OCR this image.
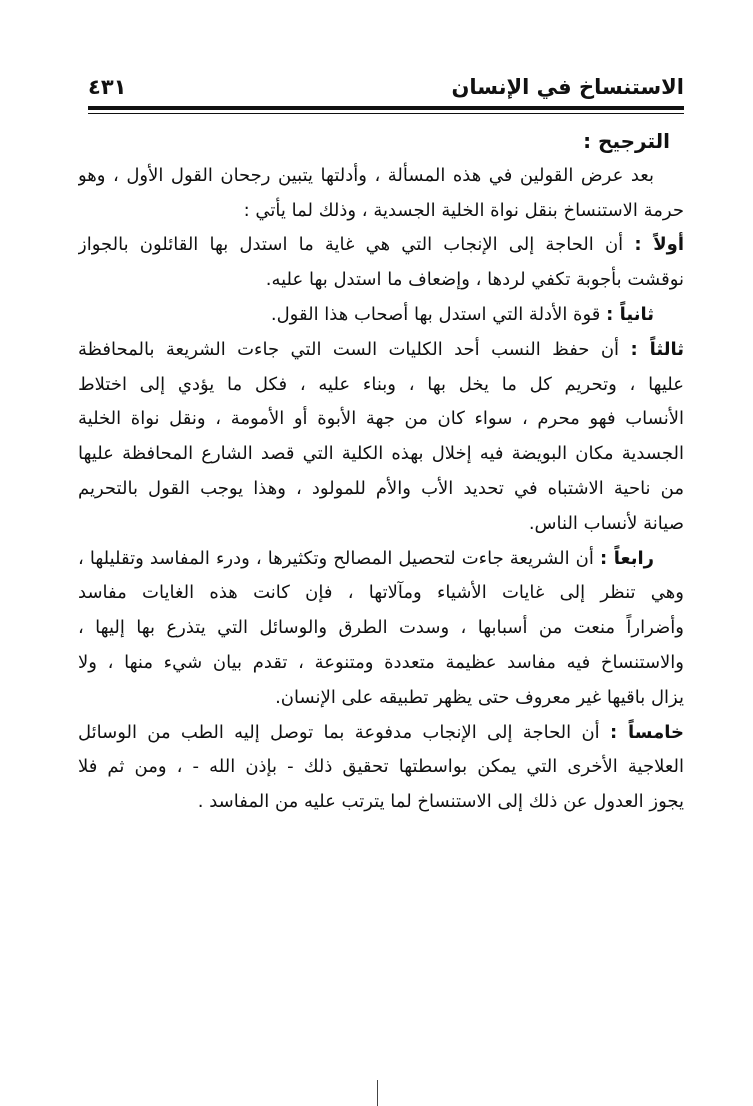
الاستنساخ في الإنسان
٤٣١
الترجيح :
بعد عرض القولين في هذه المسألة ، وأدلتها يتبين رجحان القول الأول ، وهو
حرمة الاستنساخ بنقل نواة الخلية الجسدية ، وذلك لما يأتي :
أولاً : أن الحاجة إلى الإنجاب التي هي غاية ما استدل بها القائلون بالجواز
نوقشت بأجوبة تكفي لردها ، وإضعاف ما استدل بها عليه.
ثانياً : قوة الأدلة التي استدل بها أصحاب هذا القول.
ثالثاً : أن حفظ النسب أحد الكليات الست التي جاءت الشريعة بالمحافظة
عليها ، وتحريم كل ما يخل بها ، وبناء عليه ، فكل ما يؤدي إلى اختلاط
الأنساب فهو محرم ، سواء كان من جهة الأبوة أو الأمومة ، ونقل نواة الخلية
الجسدية مكان البويضة فيه إخلال بهذه الكلية التي قصد الشارع المحافظة عليها
من ناحية الاشتباه في تحديد الأب والأم للمولود ، وهذا يوجب القول بالتحريم
صيانة لأنساب الناس.
رابعاً : أن الشريعة جاءت لتحصيل المصالح وتكثيرها ، ودرء المفاسد وتقليلها ،
وهي تنظر إلى غايات الأشياء ومآلاتها ، فإن كانت هذه الغايات مفاسد
وأضراراً منعت من أسبابها ، وسدت الطرق والوسائل التي يتذرع بها إليها ،
والاستنساخ فيه مفاسد عظيمة متعددة ومتنوعة ، تقدم بيان شيء منها ، ولا
يزال باقيها غير معروف حتى يظهر تطبيقه على الإنسان.
خامساً : أن الحاجة إلى الإنجاب مدفوعة بما توصل إليه الطب من الوسائل
العلاجية الأخرى التي يمكن بواسطتها تحقيق ذلك - بإذن الله - ، ومن ثم فلا
يجوز العدول عن ذلك إلى الاستنساخ لما يترتب عليه من المفاسد .
